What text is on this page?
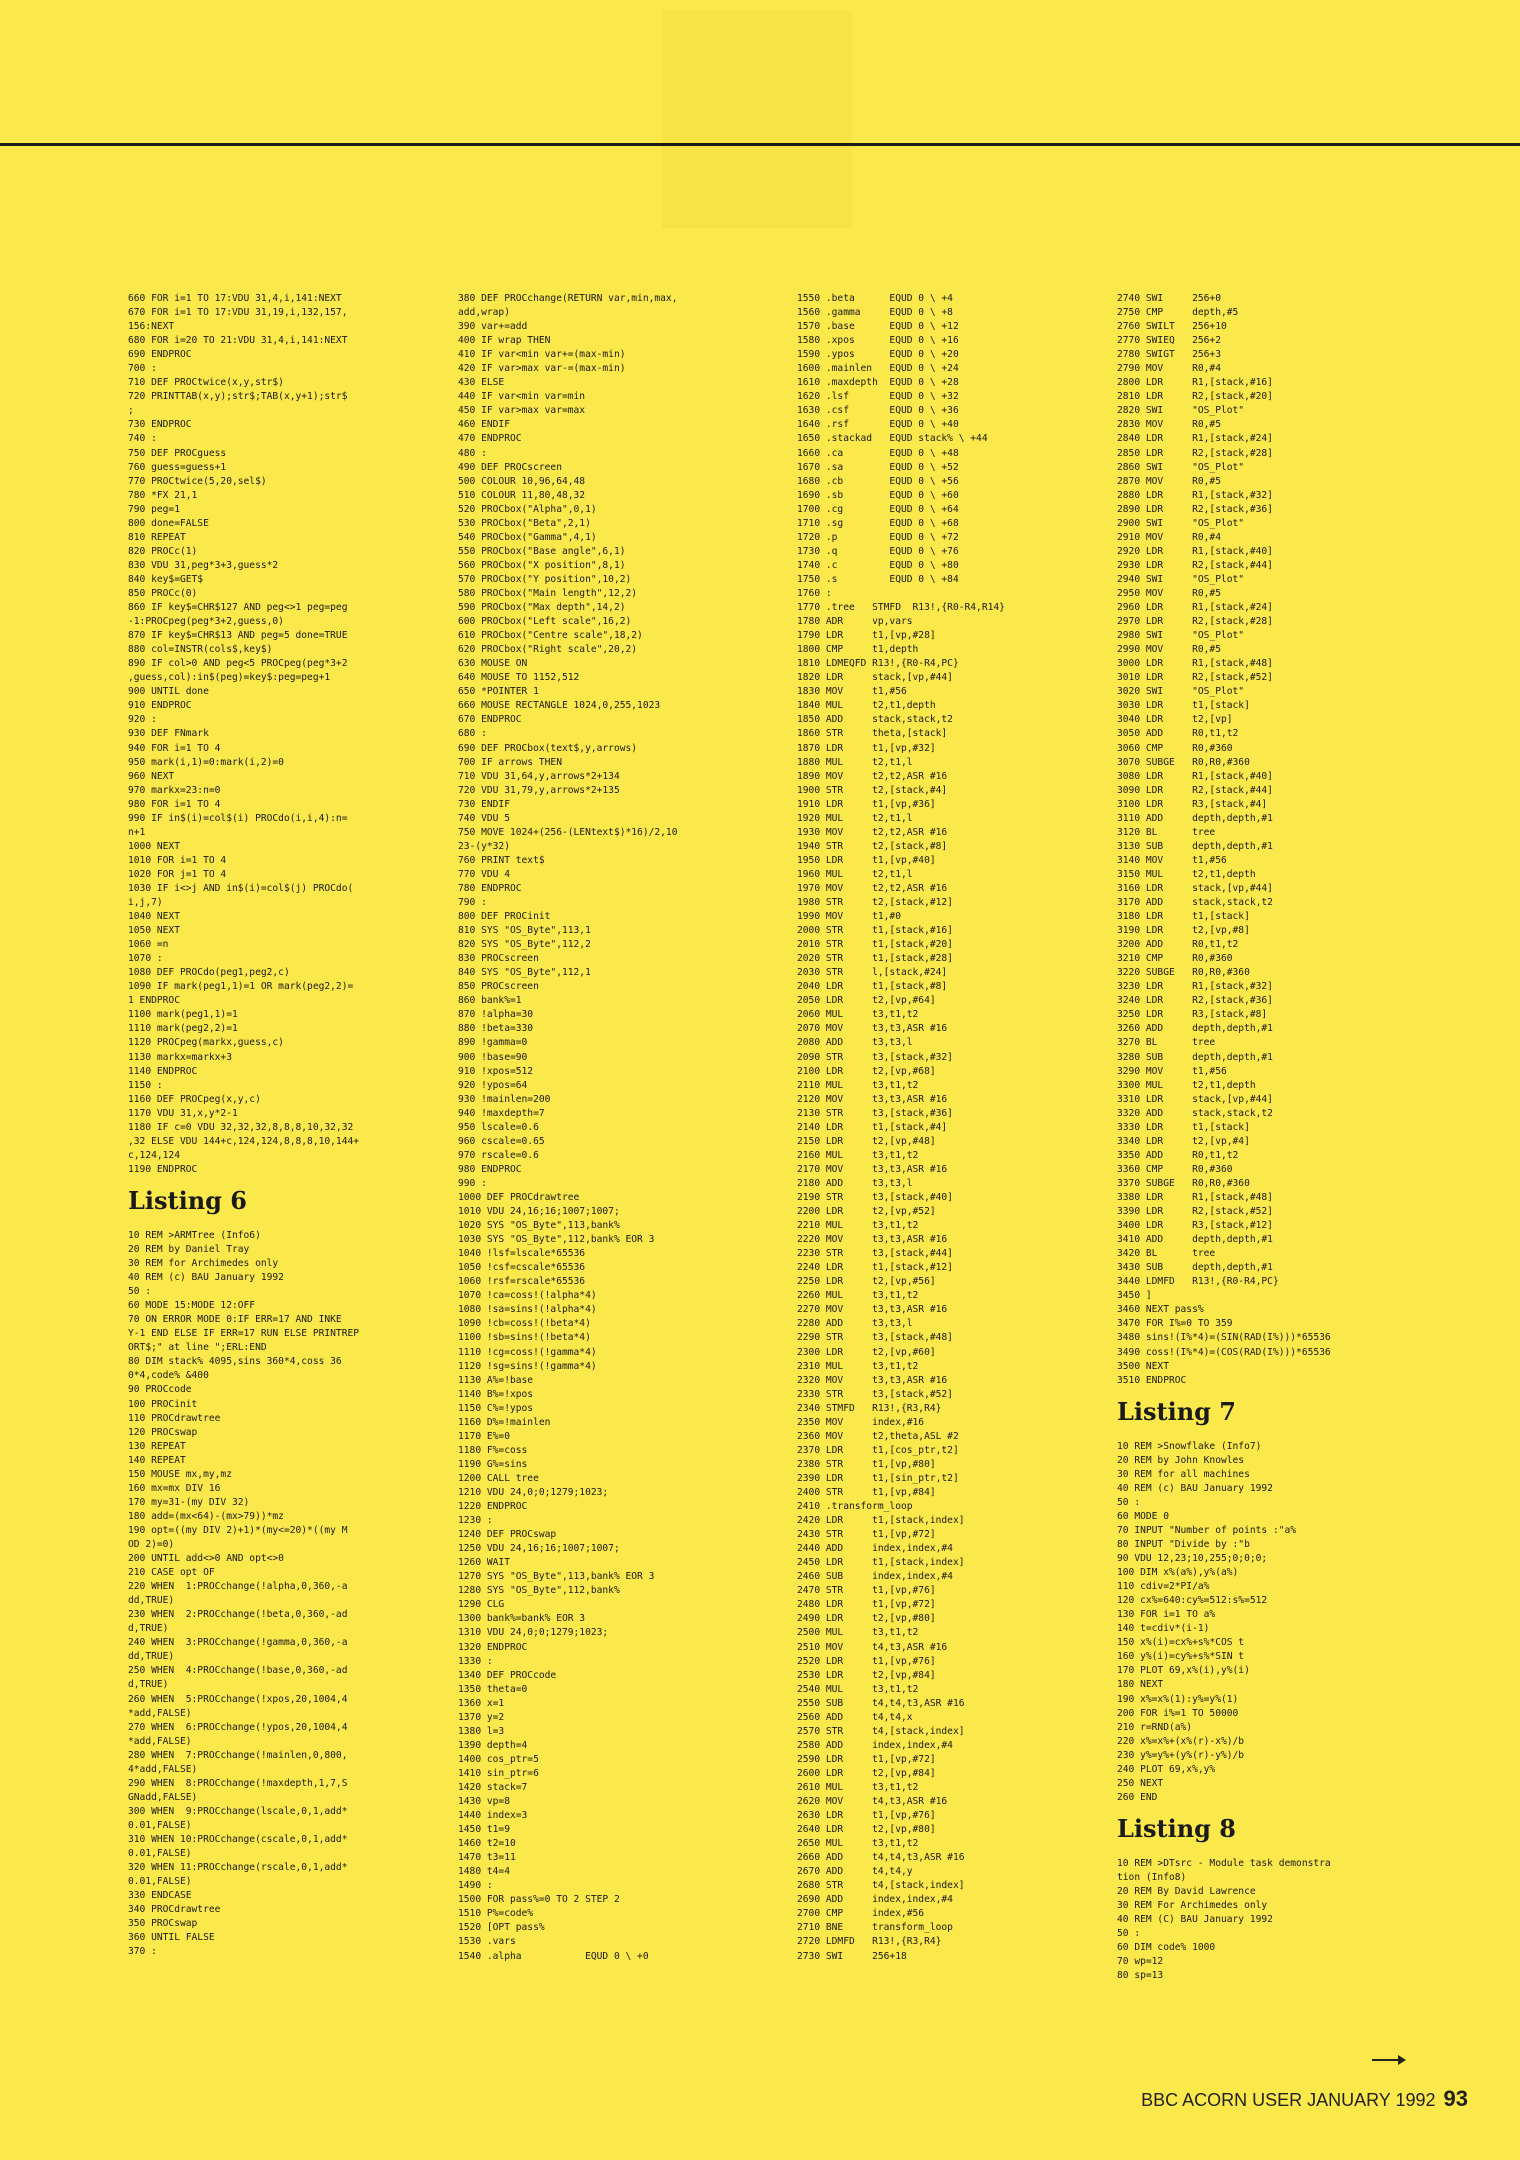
660 FOR i=1 TO 17:VDU 31,4,i,141:NEXT
670 FOR i=1 TO 17:VDU 31,19,i,132,157,
156:NEXT
680 FOR i=20 TO 21:VDU 31,4,i,141:NEXT
690 ENDPROC
700 :
710 DEF PROCtwice(x,y,str$)
720 PRINTTAB(x,y);str$;TAB(x,y+1);str$
;
730 ENDPROC
740 :
750 DEF PROCguess
760 guess=guess+1
770 PROCtwice(5,20,sel$)
780 *FX 21,1
790 peg=1
800 done=FALSE
810 REPEAT
820 PROCc(1)
830 VDU 31,peg*3+3,guess*2
840 key$=GET$
850 PROCc(0)
860 IF key$=CHR$127 AND peg<>1 peg=peg
-1:PROCpeg(peg*3+2,guess,0)
870 IF key$=CHR$13 AND peg=5 done=TRUE
880 col=INSTR(cols$,key$)
890 IF col>0 AND peg<5 PROCpeg(peg*3+2
,guess,col):in$(peg)=key$:peg=peg+1
900 UNTIL done
910 ENDPROC
920 :
930 DEF FNmark
940 FOR i=1 TO 4
950 mark(i,1)=0:mark(i,2)=0
960 NEXT
970 markx=23:n=0
980 FOR i=1 TO 4
990 IF in$(i)=col$(i) PROCdo(i,i,4):n=
n+1
1000 NEXT
1010 FOR i=1 TO 4
1020 FOR j=1 TO 4
1030 IF i<>j AND in$(i)=col$(j) PROCdo(
i,j,7)
1040 NEXT
1050 NEXT
1060 =n
1070 :
1080 DEF PROCdo(peg1,peg2,c)
1090 IF mark(peg1,1)=1 OR mark(peg2,2)=
1 ENDPROC
1100 mark(peg1,1)=1
1110 mark(peg2,2)=1
1120 PROCpeg(markx,guess,c)
1130 markx=markx+3
1140 ENDPROC
1150 :
1160 DEF PROCpeg(x,y,c)
1170 VDU 31,x,y*2-1
1180 IF c=0 VDU 32,32,32,8,8,8,10,32,32
,32 ELSE VDU 144+c,124,124,8,8,8,10,144+
c,124,124
1190 ENDPROC
Listing 6
10 REM >ARMTree (Info6)
20 REM by Daniel Tray
30 REM for Archimedes only
40 REM (c) BAU January 1992
50 :
60 MODE 15:MODE 12:OFF
70 ON ERROR MODE 0:IF ERR=17 AND INKE
Y-1 END ELSE IF ERR=17 RUN ELSE PRINTREP
ORT$;" at line ";ERL:END
80 DIM stack% 4095,sins 360*4,coss 36
0*4,code% &400
90 PROCcode
100 PROCinit
110 PROCdrawtree
120 PROCswap
130 REPEAT
140 REPEAT
150 MOUSE mx,my,mz
160 mx=mx DIV 16
170 my=31-(my DIV 32)
180 add=(mx<64)-(mx>79))*mz
190 opt=((my DIV 2)+1)*(my<=20)*((my M
OD 2)=0)
200 UNTIL add<>0 AND opt<>0
210 CASE opt OF
220 WHEN  1:PROCchange(!alpha,0,360,-a
dd,TRUE)
230 WHEN  2:PROCchange(!beta,0,360,-ad
d,TRUE)
240 WHEN  3:PROCchange(!gamma,0,360,-a
dd,TRUE)
250 WHEN  4:PROCchange(!base,0,360,-ad
d,TRUE)
260 WHEN  5:PROCchange(!xpos,20,1004,4
*add,FALSE)
270 WHEN  6:PROCchange(!ypos,20,1004,4
*add,FALSE)
280 WHEN  7:PROCchange(!mainlen,0,800,
4*add,FALSE)
290 WHEN  8:PROCchange(!maxdepth,1,7,S
GNadd,FALSE)
300 WHEN  9:PROCchange(lscale,0,1,add*
0.01,FALSE)
310 WHEN 10:PROCchange(cscale,0,1,add*
0.01,FALSE)
320 WHEN 11:PROCchange(rscale,0,1,add*
0.01,FALSE)
330 ENDCASE
340 PROCdrawtree
350 PROCswap
360 UNTIL FALSE
370 :
380 DEF PROCchange(RETURN var,min,max,
add,wrap)
390 var+=add
400 IF wrap THEN
410 IF var<min var+=(max-min)
420 IF var>max var-=(max-min)
430 ELSE
440 IF var<min var=min
450 IF var>max var=max
460 ENDIF
470 ENDPROC
480 :
490 DEF PROCscreen
500 COLOUR 10,96,64,48
510 COLOUR 11,80,48,32
520 PROCbox("Alpha",0,1)
530 PROCbox("Beta",2,1)
540 PROCbox("Gamma",4,1)
550 PROCbox("Base angle",6,1)
560 PROCbox("X position",8,1)
570 PROCbox("Y position",10,2)
580 PROCbox("Main length",12,2)
590 PROCbox("Max depth",14,2)
600 PROCbox("Left scale",16,2)
610 PROCbox("Centre scale",18,2)
620 PROCbox("Right scale",20,2)
630 MOUSE ON
640 MOUSE TO 1152,512
650 *POINTER 1
660 MOUSE RECTANGLE 1024,0,255,1023
670 ENDPROC
680 :
690 DEF PROCbox(text$,y,arrows)
700 IF arrows THEN
710 VDU 31,64,y,arrows*2+134
720 VDU 31,79,y,arrows*2+135
730 ENDIF
740 VDU 5
750 MOVE 1024+(256-(LENtext$)*16)/2,10
23-(y*32)
760 PRINT text$
770 VDU 4
780 ENDPROC
790 :
800 DEF PROCinit
810 SYS "OS_Byte",113,1
820 SYS "OS_Byte",112,2
830 PROCscreen
840 SYS "OS_Byte",112,1
850 PROCscreen
860 bank%=1
870 !alpha=30
880 !beta=330
890 !gamma=0
900 !base=90
910 !xpos=512
920 !ypos=64
930 !mainlen=200
940 !maxdepth=7
950 lscale=0.6
960 cscale=0.65
970 rscale=0.6
980 ENDPROC
990 :
1000 DEF PROCdrawtree
1010 VDU 24,16;16;1007;1007;
1020 SYS "OS_Byte",113,bank%
1030 SYS "OS_Byte",112,bank% EOR 3
1040 !lsf=lscale*65536
1050 !csf=cscale*65536
1060 !rsf=rscale*65536
1070 !ca=coss!(!alpha*4)
1080 !sa=sins!(!alpha*4)
1090 !cb=coss!(!beta*4)
1100 !sb=sins!(!beta*4)
1110 !cg=coss!(!gamma*4)
1120 !sg=sins!(!gamma*4)
1130 A%=!base
1140 B%=!xpos
1150 C%=!ypos
1160 D%=!mainlen
1170 E%=0
1180 F%=coss
1190 G%=sins
1200 CALL tree
1210 VDU 24,0;0;1279;1023;
1220 ENDPROC
1230 :
1240 DEF PROCswap
1250 VDU 24,16;16;1007;1007;
1260 WAIT
1270 SYS "OS_Byte",113,bank% EOR 3
1280 SYS "OS_Byte",112,bank%
1290 CLG
1300 bank%=bank% EOR 3
1310 VDU 24,0;0;1279;1023;
1320 ENDPROC
1330 :
1340 DEF PROCcode
1350 theta=0
1360 x=1
1370 y=2
1380 l=3
1390 depth=4
1400 cos_ptr=5
1410 sin_ptr=6
1420 stack=7
1430 vp=8
1440 index=3
1450 t1=9
1460 t2=10
1470 t3=11
1480 t4=4
1490 :
1500 FOR pass%=0 TO 2 STEP 2
1510 P%=code%
1520 [OPT pass%
1530 .vars
1540 .alpha           EQUD 0 \ +0
1550 .beta      EQUD 0 \ +4
1560 .gamma     EQUD 0 \ +8
1570 .base      EQUD 0 \ +12
1580 .xpos      EQUD 0 \ +16
1590 .ypos      EQUD 0 \ +20
1600 .mainlen   EQUD 0 \ +24
1610 .maxdepth  EQUD 0 \ +28
1620 .lsf       EQUD 0 \ +32
1630 .csf       EQUD 0 \ +36
1640 .rsf       EQUD 0 \ +40
1650 .stackad   EQUD stack% \ +44
1660 .ca        EQUD 0 \ +48
1670 .sa        EQUD 0 \ +52
1680 .cb        EQUD 0 \ +56
1690 .sb        EQUD 0 \ +60
1700 .cg        EQUD 0 \ +64
1710 .sg        EQUD 0 \ +68
1720 .p         EQUD 0 \ +72
1730 .q         EQUD 0 \ +76
1740 .c         EQUD 0 \ +80
1750 .s         EQUD 0 \ +84
1760 :
1770 .tree   STMFD  R13!,{R0-R4,R14}
1780 ADR     vp,vars
1790 LDR     t1,[vp,#28]
1800 CMP     t1,depth
1810 LDMEQFD R13!,{R0-R4,PC}
1820 LDR     stack,[vp,#44]
1830 MOV     t1,#56
1840 MUL     t2,t1,depth
1850 ADD     stack,stack,t2
1860 STR     theta,[stack]
1870 LDR     t1,[vp,#32]
1880 MUL     t2,t1,l
1890 MOV     t2,t2,ASR #16
1900 STR     t2,[stack,#4]
1910 LDR     t1,[vp,#36]
1920 MUL     t2,t1,l
1930 MOV     t2,t2,ASR #16
1940 STR     t2,[stack,#8]
1950 LDR     t1,[vp,#40]
1960 MUL     t2,t1,l
1970 MOV     t2,t2,ASR #16
1980 STR     t2,[stack,#12]
1990 MOV     t1,#0
2000 STR     t1,[stack,#16]
2010 STR     t1,[stack,#20]
2020 STR     t1,[stack,#28]
2030 STR     l,[stack,#24]
2040 LDR     t1,[stack,#8]
2050 LDR     t2,[vp,#64]
2060 MUL     t3,t1,t2
2070 MOV     t3,t3,ASR #16
2080 ADD     t3,t3,l
2090 STR     t3,[stack,#32]
2100 LDR     t2,[vp,#68]
2110 MUL     t3,t1,t2
2120 MOV     t3,t3,ASR #16
2130 STR     t3,[stack,#36]
2140 LDR     t1,[stack,#4]
2150 LDR     t2,[vp,#48]
2160 MUL     t3,t1,t2
2170 MOV     t3,t3,ASR #16
2180 ADD     t3,t3,l
2190 STR     t3,[stack,#40]
2200 LDR     t2,[vp,#52]
2210 MUL     t3,t1,t2
2220 MOV     t3,t3,ASR #16
2230 STR     t3,[stack,#44]
2240 LDR     t1,[stack,#12]
2250 LDR     t2,[vp,#56]
2260 MUL     t3,t1,t2
2270 MOV     t3,t3,ASR #16
2280 ADD     t3,t3,l
2290 STR     t3,[stack,#48]
2300 LDR     t2,[vp,#60]
2310 MUL     t3,t1,t2
2320 MOV     t3,t3,ASR #16
2330 STR     t3,[stack,#52]
2340 STMFD   R13!,{R3,R4}
2350 MOV     index,#16
2360 MOV     t2,theta,ASL #2
2370 LDR     t1,[cos_ptr,t2]
2380 STR     t1,[vp,#80]
2390 LDR     t1,[sin_ptr,t2]
2400 STR     t1,[vp,#84]
2410 .transform_loop
2420 LDR     t1,[stack,index]
2430 STR     t1,[vp,#72]
2440 ADD     index,index,#4
2450 LDR     t1,[stack,index]
2460 SUB     index,index,#4
2470 STR     t1,[vp,#76]
2480 LDR     t1,[vp,#72]
2490 LDR     t2,[vp,#80]
2500 MUL     t3,t1,t2
2510 MOV     t4,t3,ASR #16
2520 LDR     t1,[vp,#76]
2530 LDR     t2,[vp,#84]
2540 MUL     t3,t1,t2
2550 SUB     t4,t4,t3,ASR #16
2560 ADD     t4,t4,x
2570 STR     t4,[stack,index]
2580 ADD     index,index,#4
2590 LDR     t1,[vp,#72]
2600 LDR     t2,[vp,#84]
2610 MUL     t3,t1,t2
2620 MOV     t4,t3,ASR #16
2630 LDR     t1,[vp,#76]
2640 LDR     t2,[vp,#80]
2650 MUL     t3,t1,t2
2660 ADD     t4,t4,t3,ASR #16
2670 ADD     t4,t4,y
2680 STR     t4,[stack,index]
2690 ADD     index,index,#4
2700 CMP     index,#56
2710 BNE     transform_loop
2720 LDMFD   R13!,{R3,R4}
2730 SWI     256+18
2740 SWI     256+0
2750 CMP     depth,#5
2760 SWILT   256+10
2770 SWIEQ   256+2
2780 SWIGT   256+3
2790 MOV     R0,#4
2800 LDR     R1,[stack,#16]
2810 LDR     R2,[stack,#20]
2820 SWI     "OS_Plot"
2830 MOV     R0,#5
2840 LDR     R1,[stack,#24]
2850 LDR     R2,[stack,#28]
2860 SWI     "OS_Plot"
2870 MOV     R0,#5
2880 LDR     R1,[stack,#32]
2890 LDR     R2,[stack,#36]
2900 SWI     "OS_Plot"
2910 MOV     R0,#4
2920 LDR     R1,[stack,#40]
2930 LDR     R2,[stack,#44]
2940 SWI     "OS_Plot"
2950 MOV     R0,#5
2960 LDR     R1,[stack,#24]
2970 LDR     R2,[stack,#28]
2980 SWI     "OS_Plot"
2990 MOV     R0,#5
3000 LDR     R1,[stack,#48]
3010 LDR     R2,[stack,#52]
3020 SWI     "OS_Plot"
3030 LDR     t1,[stack]
3040 LDR     t2,[vp]
3050 ADD     R0,t1,t2
3060 CMP     R0,#360
3070 SUBGE   R0,R0,#360
3080 LDR     R1,[stack,#40]
3090 LDR     R2,[stack,#44]
3100 LDR     R3,[stack,#4]
3110 ADD     depth,depth,#1
3120 BL      tree
3130 SUB     depth,depth,#1
3140 MOV     t1,#56
3150 MUL     t2,t1,depth
3160 LDR     stack,[vp,#44]
3170 ADD     stack,stack,t2
3180 LDR     t1,[stack]
3190 LDR     t2,[vp,#8]
3200 ADD     R0,t1,t2
3210 CMP     R0,#360
3220 SUBGE   R0,R0,#360
3230 LDR     R1,[stack,#32]
3240 LDR     R2,[stack,#36]
3250 LDR     R3,[stack,#8]
3260 ADD     depth,depth,#1
3270 BL      tree
3280 SUB     depth,depth,#1
3290 MOV     t1,#56
3300 MUL     t2,t1,depth
3310 LDR     stack,[vp,#44]
3320 ADD     stack,stack,t2
3330 LDR     t1,[stack]
3340 LDR     t2,[vp,#4]
3350 ADD     R0,t1,t2
3360 CMP     R0,#360
3370 SUBGE   R0,R0,#360
3380 LDR     R1,[stack,#48]
3390 LDR     R2,[stack,#52]
3400 LDR     R3,[stack,#12]
3410 ADD     depth,depth,#1
3420 BL      tree
3430 SUB     depth,depth,#1
3440 LDMFD   R13!,{R0-R4,PC}
3450 ]
3460 NEXT pass%
3470 FOR I%=0 TO 359
3480 sins!(I%*4)=(SIN(RAD(I%)))*65536
3490 coss!(I%*4)=(COS(RAD(I%)))*65536
3500 NEXT
3510 ENDPROC
Listing 7
10 REM >Snowflake (Info7)
20 REM by John Knowles
30 REM for all machines
40 REM (c) BAU January 1992
50 :
60 MODE 0
70 INPUT "Number of points :"a%
80 INPUT "Divide by :"b
90 VDU 12,23;10,255;0;0;0;
100 DIM x%(a%),y%(a%)
110 cdiv=2*PI/a%
120 cx%=640:cy%=512:s%=512
130 FOR i=1 TO a%
140 t=cdiv*(i-1)
150 x%(i)=cx%+s%*COS t
160 y%(i)=cy%+s%*SIN t
170 PLOT 69,x%(i),y%(i)
180 NEXT
190 x%=x%(1):y%=y%(1)
200 FOR i%=1 TO 50000
210 r=RND(a%)
220 x%=x%+(x%(r)-x%)/b
230 y%=y%+(y%(r)-y%)/b
240 PLOT 69,x%,y%
250 NEXT
260 END
Listing 8
10 REM >DTsrc - Module task demonstra
tion (Info8)
20 REM By David Lawrence
30 REM For Archimedes only
40 REM (C) BAU January 1992
50 :
60 DIM code% 1000
70 wp=12
80 sp=13
BBC ACORN USER JANUARY 1992 93
